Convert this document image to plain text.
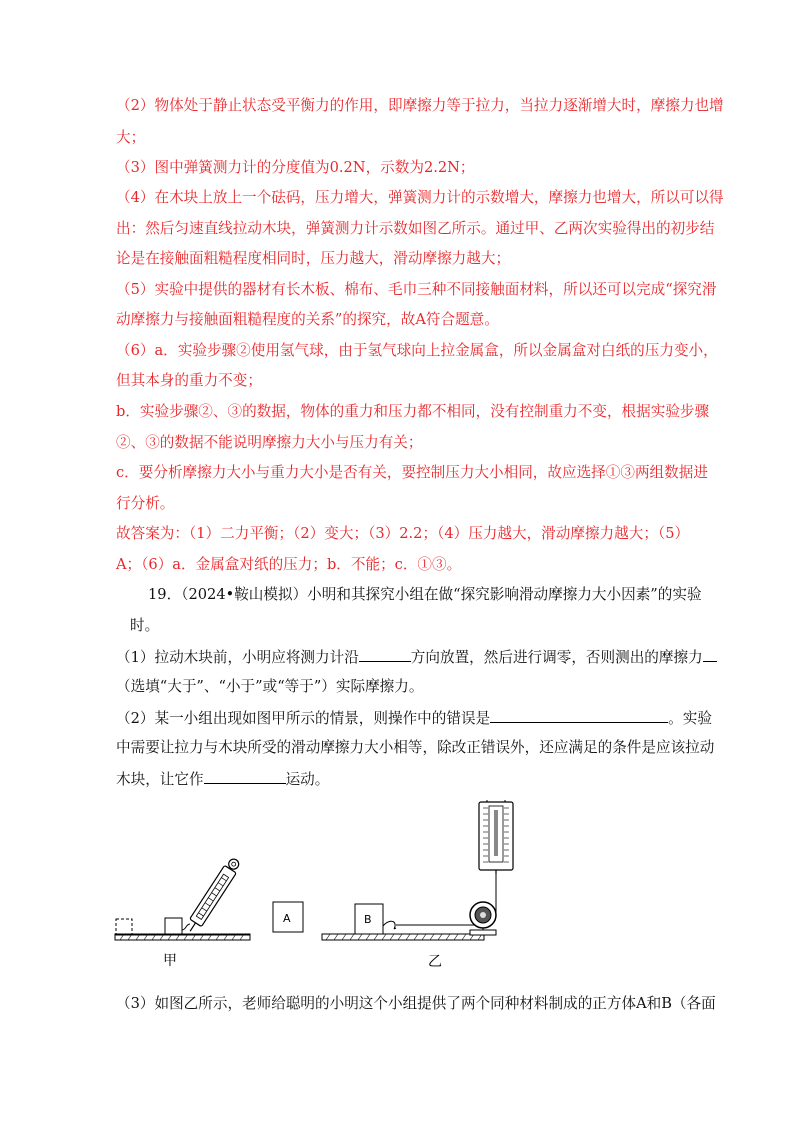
（2）物体处于静止状态受平衡力的作用，即摩擦力等于拉力，当拉力逐渐增大时，摩擦力也增
大；
（3）图中弹簧测力计的分度值为0.2N，示数为2.2N；
（4）在木块上放上一个砝码，压力增大，弹簧测力计的示数增大，摩擦力也增大，所以可以得
出：然后匀速直线拉动木块，弹簧测力计示数如图乙所示。通过甲、乙两次实验得出的初步结
论是在接触面粗糙程度相同时，压力越大，滑动摩擦力越大；
（5）实验中提供的器材有长木板、棉布、毛巾三种不同接触面材料，所以还可以完成“探究滑
动摩擦力与接触面粗糙程度的关系”的探究，故A符合题意。
（6）a．实验步骤②使用氢气球，由于氢气球向上拉金属盒，所以金属盒对白纸的压力变小，
但其本身的重力不变；
b．实验步骤②、③的数据，物体的重力和压力都不相同，没有控制重力不变，根据实验步骤
②、③的数据不能说明摩擦力大小与压力有关；
c．要分析摩擦力大小与重力大小是否有关，要控制压力大小相同，故应选择①③两组数据进
行分析。
故答案为：（1）二力平衡；（2）变大；（3）2.2；（4）压力越大，滑动摩擦力越大；（5）
A；（6）a．金属盒对纸的压力；b．不能；c．①③。
19．（2024•鞍山模拟）小明和其探究小组在做“探究影响滑动摩擦力大小因素”的实验
时。
（1）拉动木块前，小明应将测力计沿	方向放置，然后进行调零，否则测出的摩擦力
（选填“大于”、“小于”或“等于”）实际摩擦力。
（2）某一小组出现如图甲所示的情景，则操作中的错误是	。实验
中需要让拉力与木块所受的滑动摩擦力大小相等，除改正错误外，还应满足的条件是应该拉动
木块，让它作	运动。
甲
A	B
乙
（3）如图乙所示，老师给聪明的小明这个小组提供了两个同种材料制成的正方体A和B（各面
